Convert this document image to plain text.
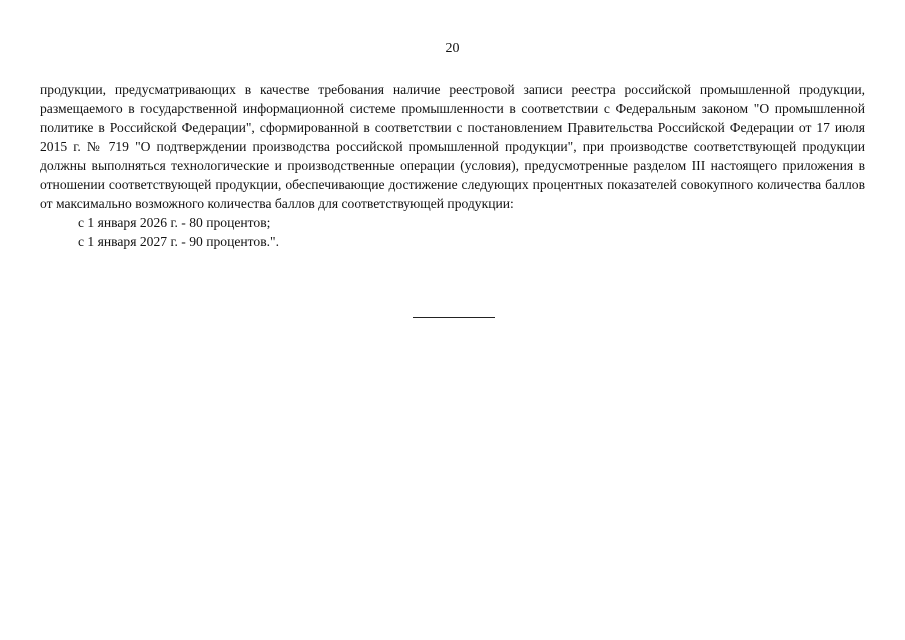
20

продукции, предусматривающих в качестве требования наличие реестровой записи реестра российской промышленной продукции, размещаемого в государственной информационной системе промышленности в соответствии с Федеральным законом "О промышленной политике в Российской Федерации", сформированной в соответствии с постановлением Правительства Российской Федерации от 17 июля 2015 г. № 719 "О подтверждении производства российской промышленной продукции", при производстве соответствующей продукции должны выполняться технологические и производственные операции (условия), предусмотренные разделом III настоящего приложения в отношении соответствующей продукции, обеспечивающие достижение следующих процентных показателей совокупного количества баллов от максимально возможного количества баллов для соответствующей продукции:

с 1 января 2026 г. - 80 процентов;

с 1 января 2027 г. - 90 процентов.".
